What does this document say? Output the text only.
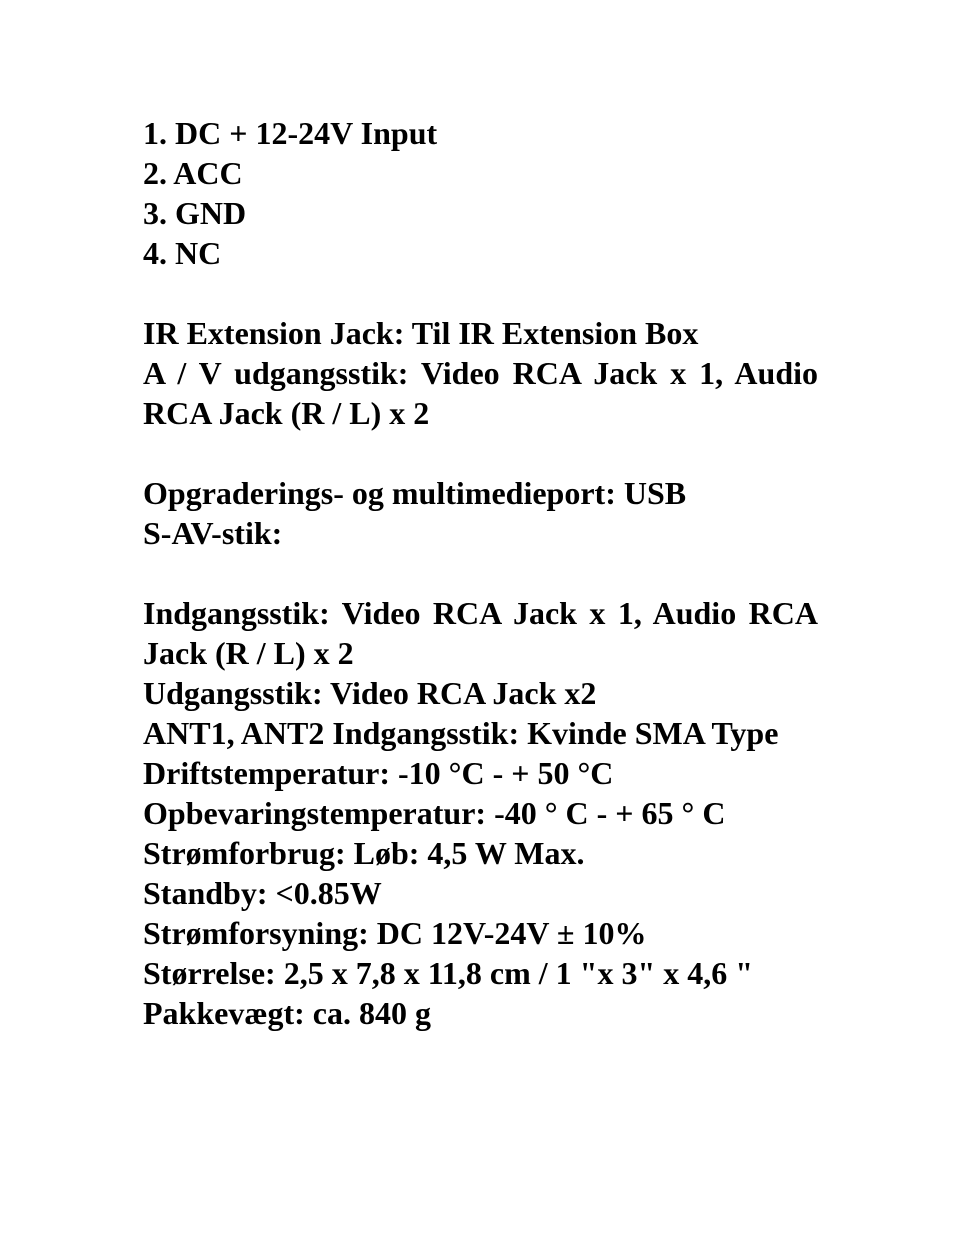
1. DC + 12-24V Input

2. ACC

3. GND

4. NC

IR Extension Jack: Til IR Extension Box

A / V udgangsstik: Video RCA Jack x 1, Audio RCA Jack (R / L) x 2

Opgraderings- og multimedieport: USB

S-AV-stik:

Indgangsstik: Video RCA Jack x 1, Audio RCA Jack (R / L) x 2

Udgangsstik: Video RCA Jack x2

ANT1, ANT2 Indgangsstik: Kvinde SMA Type

Driftstemperatur: -10 °C - + 50 °C

Opbevaringstemperatur: -40 ° C - + 65 ° C

Strømforbrug: Løb: 4,5 W Max.

Standby: <0.85W

Strømforsyning: DC 12V-24V ± 10%

Størrelse: 2,5 x 7,8 x 11,8 cm / 1 "x 3" x 4,6 "

Pakkevægt: ca. 840 g
